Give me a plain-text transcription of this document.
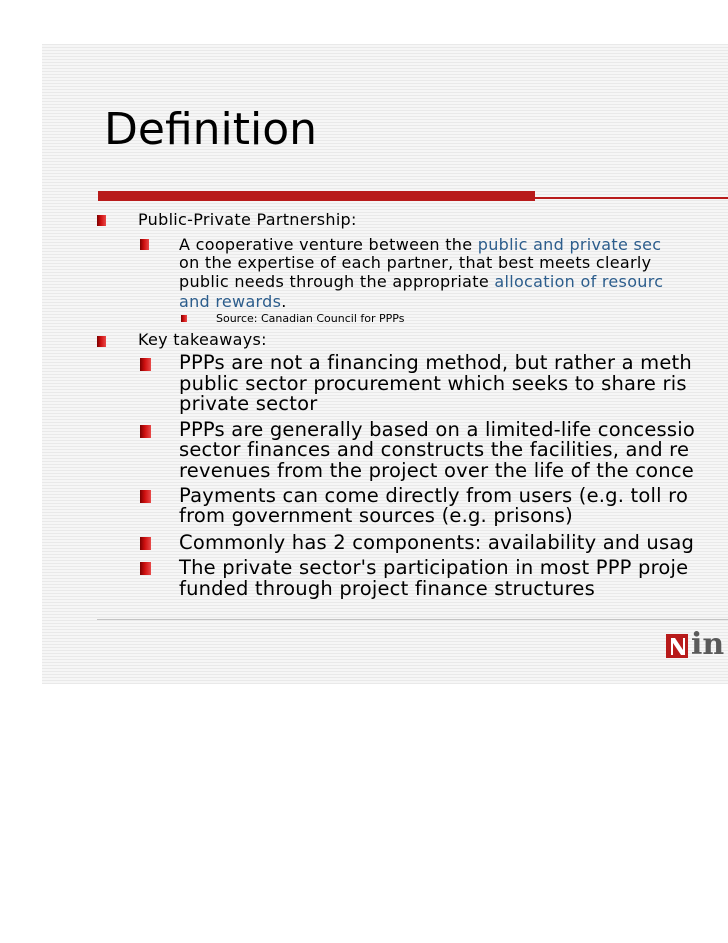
Definition
Public-Private Partnership:
A cooperative venture between the public and private sec
on the expertise of each partner, that best meets clearly
public needs through the appropriate allocation of resourc
and rewards.
Source: Canadian Council for PPPs
Key takeaways:
PPPs are not a financing method, but rather a meth
public sector procurement which seeks to share ris
private sector
PPPs are generally based on a limited-life concessio
sector finances and constructs the facilities, and re
revenues from the project over the life of the conce
Payments can come directly from users (e.g. toll ro
from government sources (e.g. prisons)
Commonly has 2 components: availability and usag
The private sector's participation in most PPP proje
funded through project finance structures
in
